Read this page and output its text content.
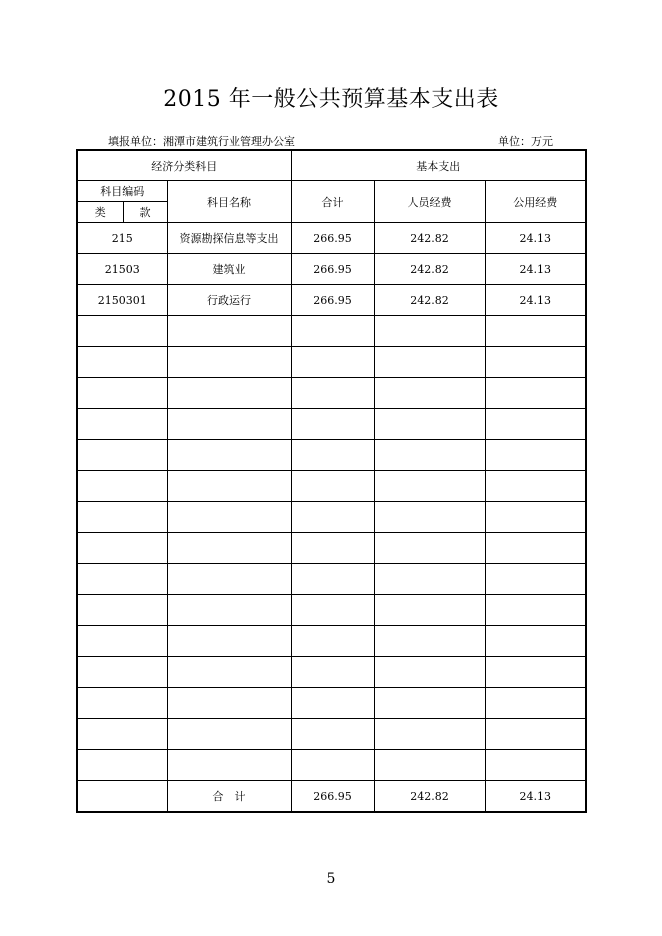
2015 年一般公共预算基本支出表
填报单位：湘潭市建筑行业管理办公室	单位：万元
经济分类科目			基本支出		
科目编码		科目名称	合计	人员经费	公用经费
类	款				
215		资源勘探信息等支出	266.95	242.82	24.13
21503		建筑业	266.95	242.82	24.13
2150301		行政运行	266.95	242.82	24.13

		合　计	266.95	242.82	24.13
5
